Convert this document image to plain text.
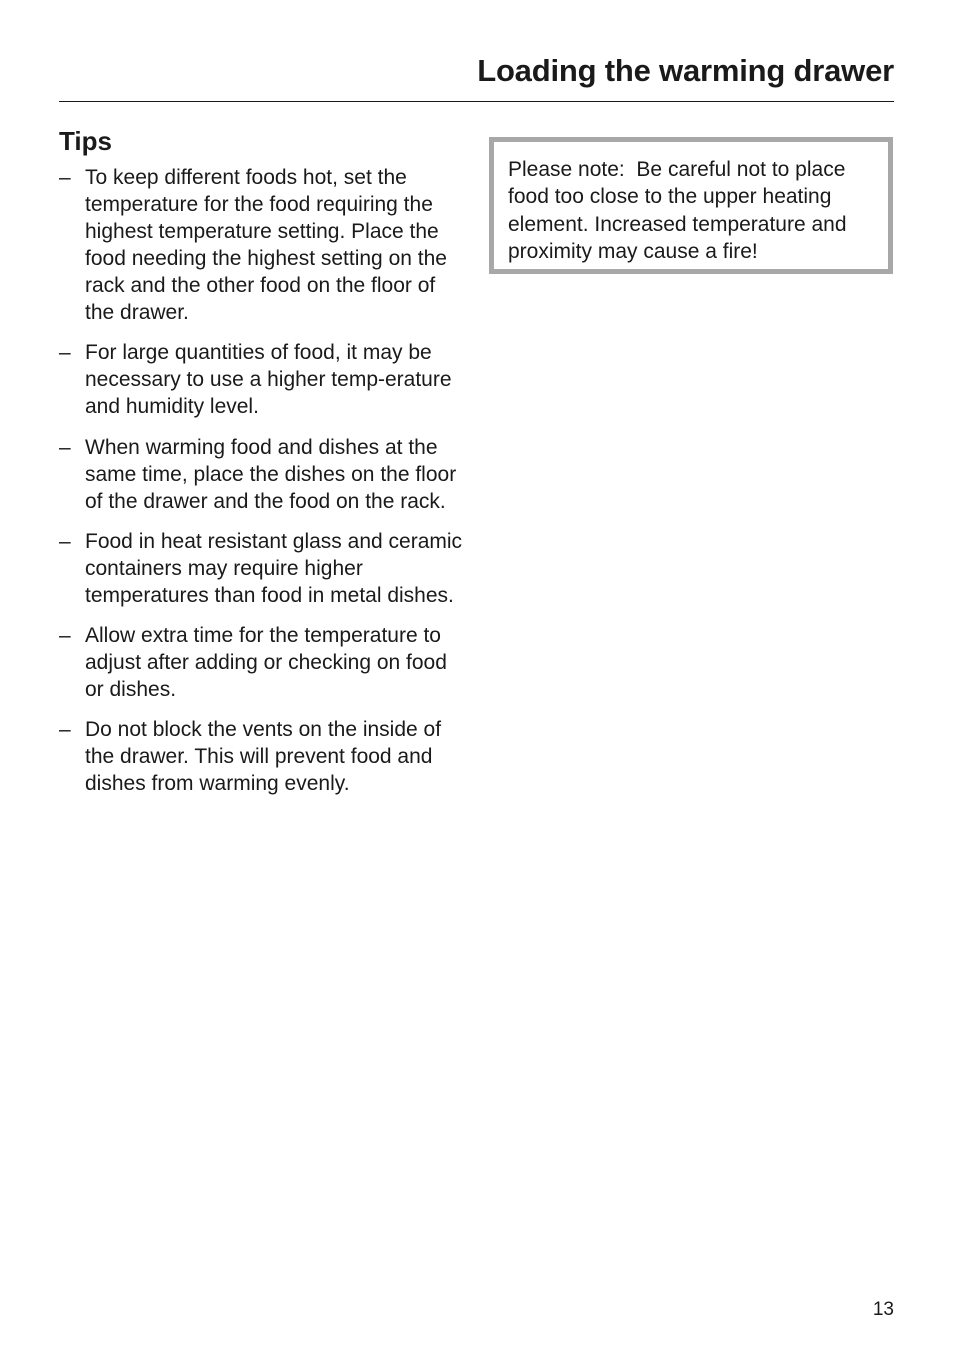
Loading the warming drawer
Tips
– To keep different foods hot, set the temperature for the food requiring the highest temperature setting. Place the food needing the highest setting on the rack and the other food on the floor of the drawer.
– For large quantities of food, it may be necessary to use a higher temp-erature and humidity level.
– When warming food and dishes at the same time, place the dishes on the floor of the drawer and the food on the rack.
– Food in heat resistant glass and ceramic containers may require higher temperatures than food in metal dishes.
– Allow extra time for the temperature to adjust after adding or checking on food or dishes.
– Do not block the vents on the inside of the drawer. This will prevent food and dishes from warming evenly.

Please note:  Be careful not to place food too close to the upper heating element. Increased temperature and proximity may cause a fire!

13
